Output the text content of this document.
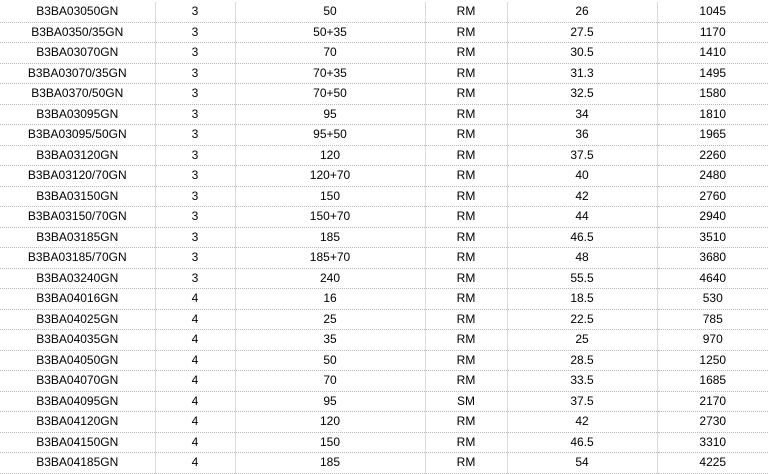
B3BA03050GN	3	50	RM	26	1045
B3BA0350/35GN	3	50+35	RM	27.5	1170
B3BA03070GN	3	70	RM	30.5	1410
B3BA03070/35GN	3	70+35	RM	31.3	1495
B3BA0370/50GN	3	70+50	RM	32.5	1580
B3BA03095GN	3	95	RM	34	1810
B3BA03095/50GN	3	95+50	RM	36	1965
B3BA03120GN	3	120	RM	37.5	2260
B3BA03120/70GN	3	120+70	RM	40	2480
B3BA03150GN	3	150	RM	42	2760
B3BA03150/70GN	3	150+70	RM	44	2940
B3BA03185GN	3	185	RM	46.5	3510
B3BA03185/70GN	3	185+70	RM	48	3680
B3BA03240GN	3	240	RM	55.5	4640
B3BA04016GN	4	16	RM	18.5	530
B3BA04025GN	4	25	RM	22.5	785
B3BA04035GN	4	35	RM	25	970
B3BA04050GN	4	50	RM	28.5	1250
B3BA04070GN	4	70	RM	33.5	1685
B3BA04095GN	4	95	SM	37.5	2170
B3BA04120GN	4	120	RM	42	2730
B3BA04150GN	4	150	RM	46.5	3310
B3BA04185GN	4	185	RM	54	4225
